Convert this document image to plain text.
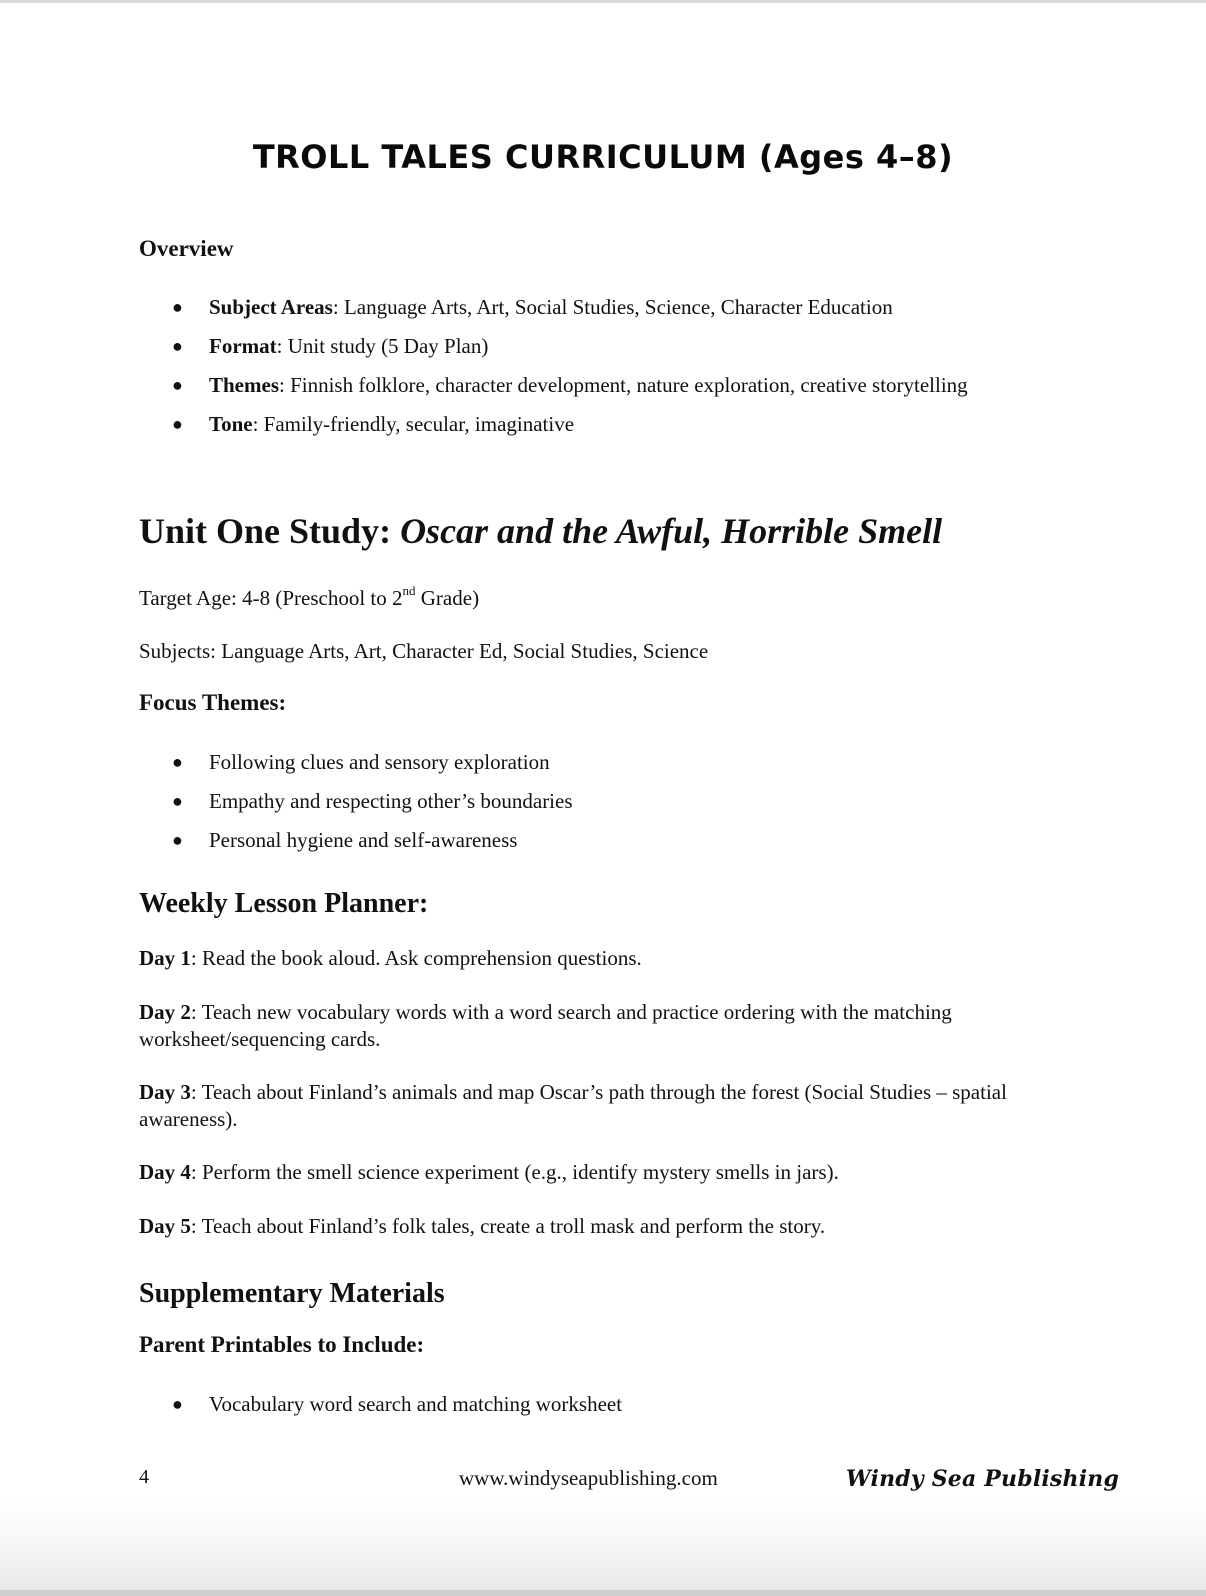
TROLL TALES CURRICULUM (Ages 4–8)
Overview
● Subject Areas: Language Arts, Art, Social Studies, Science, Character Education
● Format: Unit study (5 Day Plan)
● Themes: Finnish folklore, character development, nature exploration, creative storytelling
● Tone: Family-friendly, secular, imaginative
Unit One Study: Oscar and the Awful, Horrible Smell

Target Age: 4-8 (Preschool to 2nd Grade)

Subjects: Language Arts, Art, Character Ed, Social Studies, Science

Focus Themes:
● Following clues and sensory exploration
● Empathy and respecting other’s boundaries
● Personal hygiene and self-awareness
Weekly Lesson Planner:

Day 1: Read the book aloud. Ask comprehension questions.

Day 2: Teach new vocabulary words with a word search and practice ordering with the matching worksheet/sequencing cards.

Day 3: Teach about Finland’s animals and map Oscar’s path through the forest (Social Studies – spatial awareness).

Day 4: Perform the smell science experiment (e.g., identify mystery smells in jars).

Day 5: Teach about Finland’s folk tales, create a troll mask and perform the story.

Supplementary Materials
Parent Printables to Include:
● Vocabulary word search and matching worksheet
4	www.windyseapublishing.com	Windy Sea Publishing
